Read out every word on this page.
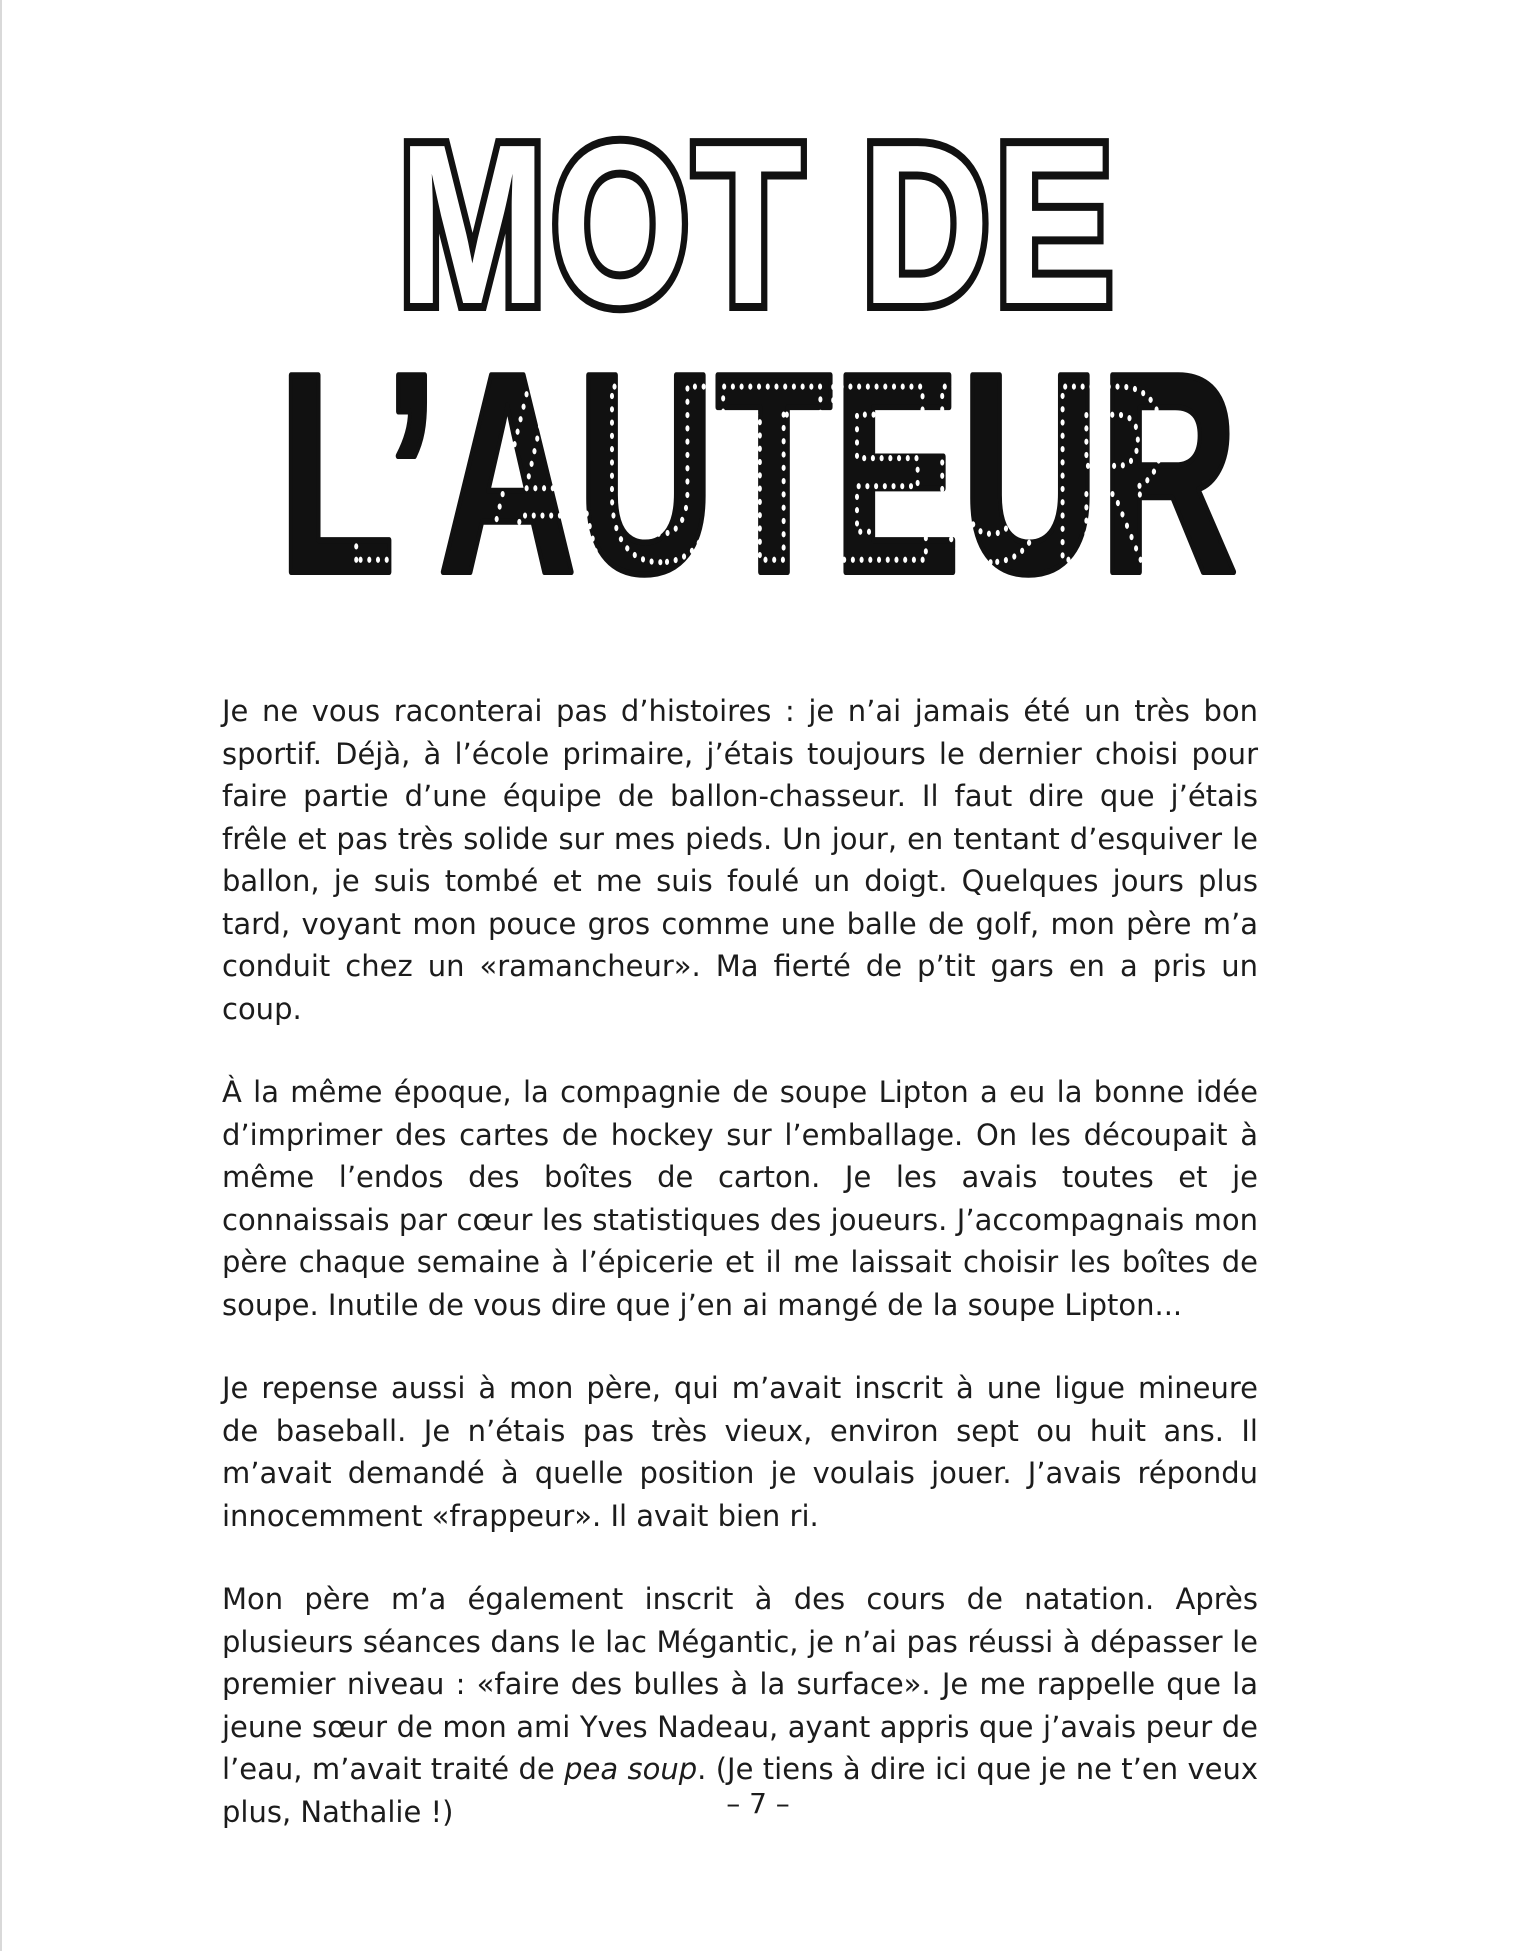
MOT DE
L’AUTEUR
L’AUTEUR

Je ne vous raconterai pas d’histoires : je n’ai jamais été un très bon sportif. Déjà, à l’école primaire, j’étais toujours le dernier choisi pour faire partie d’une équipe de ballon-chasseur. Il faut dire que j’étais frêle et pas très solide sur mes pieds. Un jour, en tentant d’esquiver le ballon, je suis tombé et me suis foulé un doigt. Quelques jours plus tard, voyant mon pouce gros comme une balle de golf, mon père m’a conduit chez un «ramancheur». Ma fierté de p’tit gars en a pris un coup.

À la même époque, la compagnie de soupe Lipton a eu la bonne idée d’imprimer des cartes de hockey sur l’emballage. On les découpait à même l’endos des boîtes de carton. Je les avais toutes et je connaissais par cœur les statistiques des joueurs. J’accompagnais mon père chaque semaine à l’épicerie et il me laissait choisir les boîtes de soupe. Inutile de vous dire que j’en ai mangé de la soupe Lipton...

Je repense aussi à mon père, qui m’avait inscrit à une ligue mineure de baseball. Je n’étais pas très vieux, environ sept ou huit ans. Il m’avait demandé à quelle position je voulais jouer. J’avais répondu innocemment «frappeur». Il avait bien ri.

Mon père m’a également inscrit à des cours de natation. Après plusieurs séances dans le lac Mégantic, je n’ai pas réussi à dépasser le premier niveau : «faire des bulles à la surface». Je me rappelle que la jeune sœur de mon ami Yves Nadeau, ayant appris que j’avais peur de l’eau, m’avait traité de pea soup. (Je tiens à dire ici que je ne t’en veux plus, Nathalie !)	– 7 –
